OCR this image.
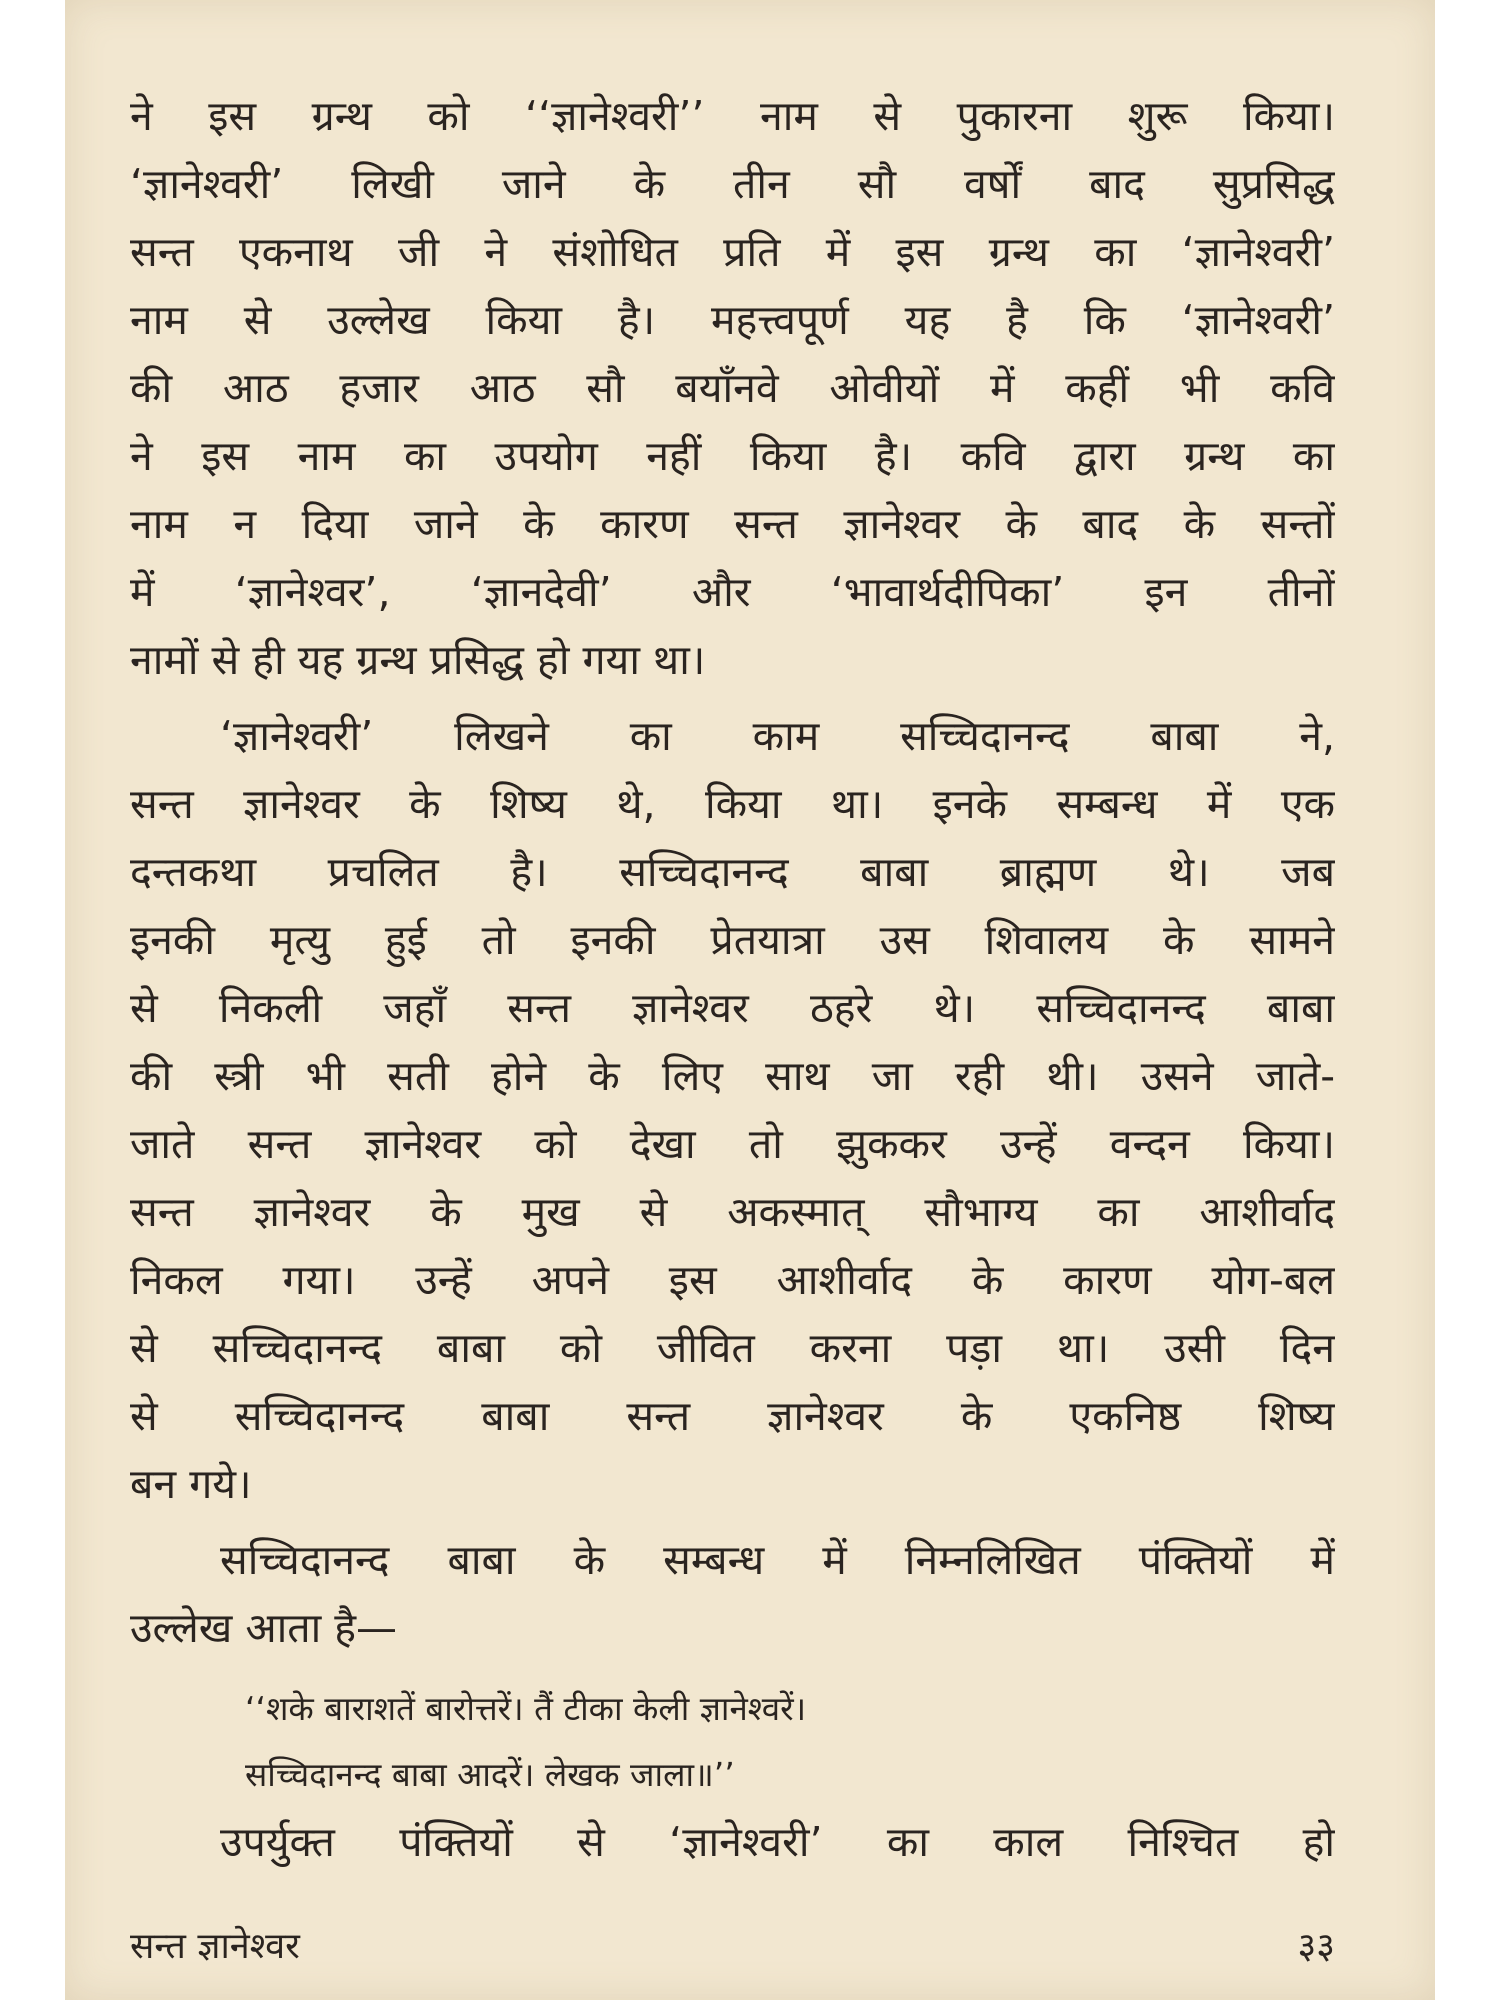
ने इस ग्रन्थ को ‘‘ज्ञानेश्वरी’’ नाम से पुकारना शुरू किया।
‘ज्ञानेश्वरी’ लिखी जाने के तीन सौ वर्षों बाद सुप्रसिद्ध
सन्त एकनाथ जी ने संशोधित प्रति में इस ग्रन्थ का ‘ज्ञानेश्वरी’
नाम से उल्लेख किया है। महत्त्वपूर्ण यह है कि ‘ज्ञानेश्वरी’
की आठ हजार आठ सौ बयाँनवे ओवीयों में कहीं भी कवि
ने इस नाम का उपयोग नहीं किया है। कवि द्वारा ग्रन्थ का
नाम न दिया जाने के कारण सन्त ज्ञानेश्वर के बाद के सन्तों
में ‘ज्ञानेश्वर’, ‘ज्ञानदेवी’ और ‘भावार्थदीपिका’ इन तीनों
नामों से ही यह ग्रन्थ प्रसिद्ध हो गया था।
‘ज्ञानेश्वरी’ लिखने का काम सच्चिदानन्द बाबा ने,
सन्त ज्ञानेश्वर के शिष्य थे, किया था। इनके सम्बन्ध में एक
दन्तकथा प्रचलित है। सच्चिदानन्द बाबा ब्राह्मण थे। जब
इनकी मृत्यु हुई तो इनकी प्रेतयात्रा उस शिवालय के सामने
से निकली जहाँ सन्त ज्ञानेश्वर ठहरे थे। सच्चिदानन्द बाबा
की स्त्री भी सती होने के लिए साथ जा रही थी। उसने जाते-
जाते सन्त ज्ञानेश्वर को देखा तो झुककर उन्हें वन्दन किया।
सन्त ज्ञानेश्वर के मुख से अकस्मात् सौभाग्य का आशीर्वाद
निकल गया। उन्हें अपने इस आशीर्वाद के कारण योग-बल
से सच्चिदानन्द बाबा को जीवित करना पड़ा था। उसी दिन
से सच्चिदानन्द बाबा सन्त ज्ञानेश्वर के एकनिष्ठ शिष्य
बन गये।
सच्चिदानन्द बाबा के सम्बन्ध में निम्नलिखित पंक्तियों में
उल्लेख आता है—
‘‘शके बाराशतें बारोत्तरें। तैं टीका केली ज्ञानेश्वरें।
सच्चिदानन्द बाबा आदरें। लेखक जाला॥’’
उपर्युक्त पंक्तियों से ‘ज्ञानेश्वरी’ का काल निश्चित हो
सन्त ज्ञानेश्वर	३३
